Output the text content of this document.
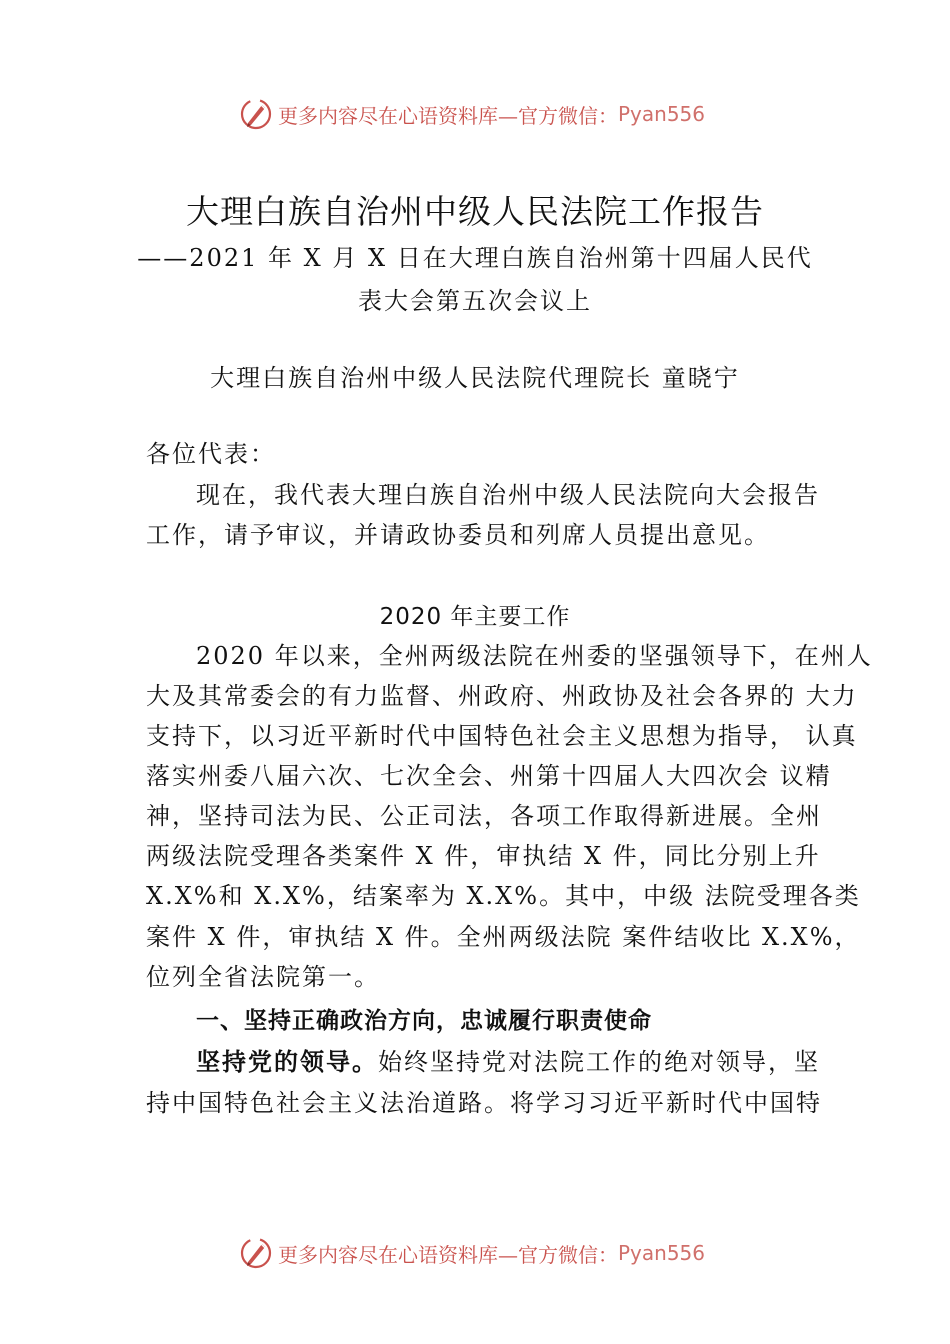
更多内容尽在心语资料库—官方微信： Pyan556
大理白族自治州中级人民法院工作报告
——2021 年 X 月 X 日在大理白族自治州第十四届人民代
表大会第五次会议上
大理白族自治州中级人民法院代理院长 童晓宁
各位代表：
现在，我代表大理白族自治州中级人民法院向大会报告
工作，请予审议，并请政协委员和列席人员提出意见。
2020 年主要工作
2020 年以来，全州两级法院在州委的坚强领导下，在州人
大及其常委会的有力监督、州政府、州政协及社会各界的 大力
支持下，以习近平新时代中国特色社会主义思想为指导， 认真
落实州委八届六次、七次全会、州第十四届人大四次会 议精
神，坚持司法为民、公正司法，各项工作取得新进展。全州
两级法院受理各类案件 X 件，审执结 X 件，同比分别上升
X.X%和 X.X%，结案率为 X.X%。其中，中级 法院受理各类
案件 X 件，审执结 X 件。全州两级法院 案件结收比 X.X%，
位列全省法院第一。
一、坚持正确政治方向，忠诚履行职责使命
坚持党的领导。始终坚持党对法院工作的绝对领导，坚
持中国特色社会主义法治道路。将学习习近平新时代中国特
更多内容尽在心语资料库—官方微信： Pyan556
